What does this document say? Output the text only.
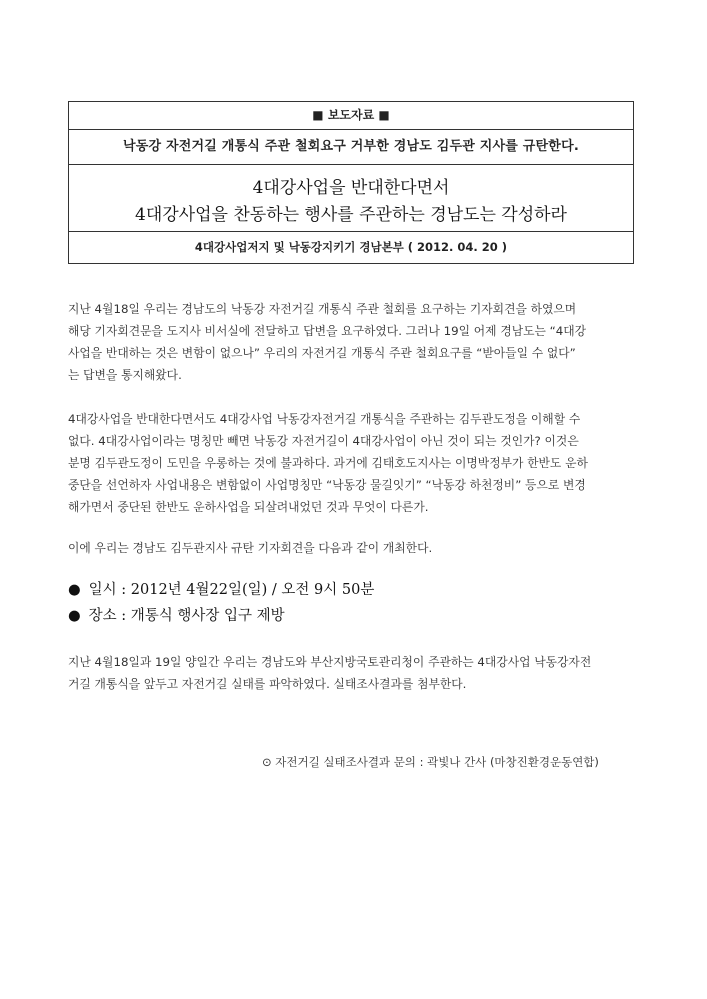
■ 보도자료 ■
낙동강 자전거길 개통식 주관 철회요구 거부한 경남도 김두관 지사를 규탄한다.
4대강사업을 반대한다면서
4대강사업을 찬동하는 행사를 주관하는 경남도는 각성하라
4대강사업저지 및 낙동강지키기 경남본부 ( 2012. 04. 20 )
지난 4월18일 우리는 경남도의 낙동강 자전거길 개통식 주관 철회를 요구하는 기자회견을 하였으며
해당 기자회견문을 도지사 비서실에 전달하고 답변을 요구하였다. 그러나 19일 어제 경남도는 “4대강
사업을 반대하는 것은 변함이 없으나” 우리의 자전거길 개통식 주관 철회요구를 “받아들일 수 없다”
는 답변을 통지해왔다.
4대강사업을 반대한다면서도 4대강사업 낙동강자전거길 개통식을 주관하는 김두관도정을 이해할 수
없다. 4대강사업이라는 명칭만 빼면 낙동강 자전거길이 4대강사업이 아닌 것이 되는 것인가? 이것은
분명 김두관도정이 도민을 우롱하는 것에 불과하다. 과거에 김태호도지사는 이명박정부가 한반도 운하
중단을 선언하자 사업내용은 변함없이 사업명칭만 “낙동강 물길잇기” “낙동강 하천정비” 등으로 변경
해가면서 중단된 한반도 운하사업을 되살려내었던 것과 무엇이 다른가.
이에 우리는 경남도 김두관지사 규탄 기자회견을 다음과 같이 개최한다.
● 일시 : 2012년 4월22일(일) / 오전 9시 50분
● 장소 : 개통식 행사장 입구 제방
지난 4월18일과 19일 양일간 우리는 경남도와 부산지방국토관리청이 주관하는 4대강사업 낙동강자전
거길 개통식을 앞두고 자전거길 실태를 파악하였다. 실태조사결과를 첨부한다.
⊙ 자전거길 실태조사결과 문의 : 곽빛나 간사 (마창진환경운동연합)
